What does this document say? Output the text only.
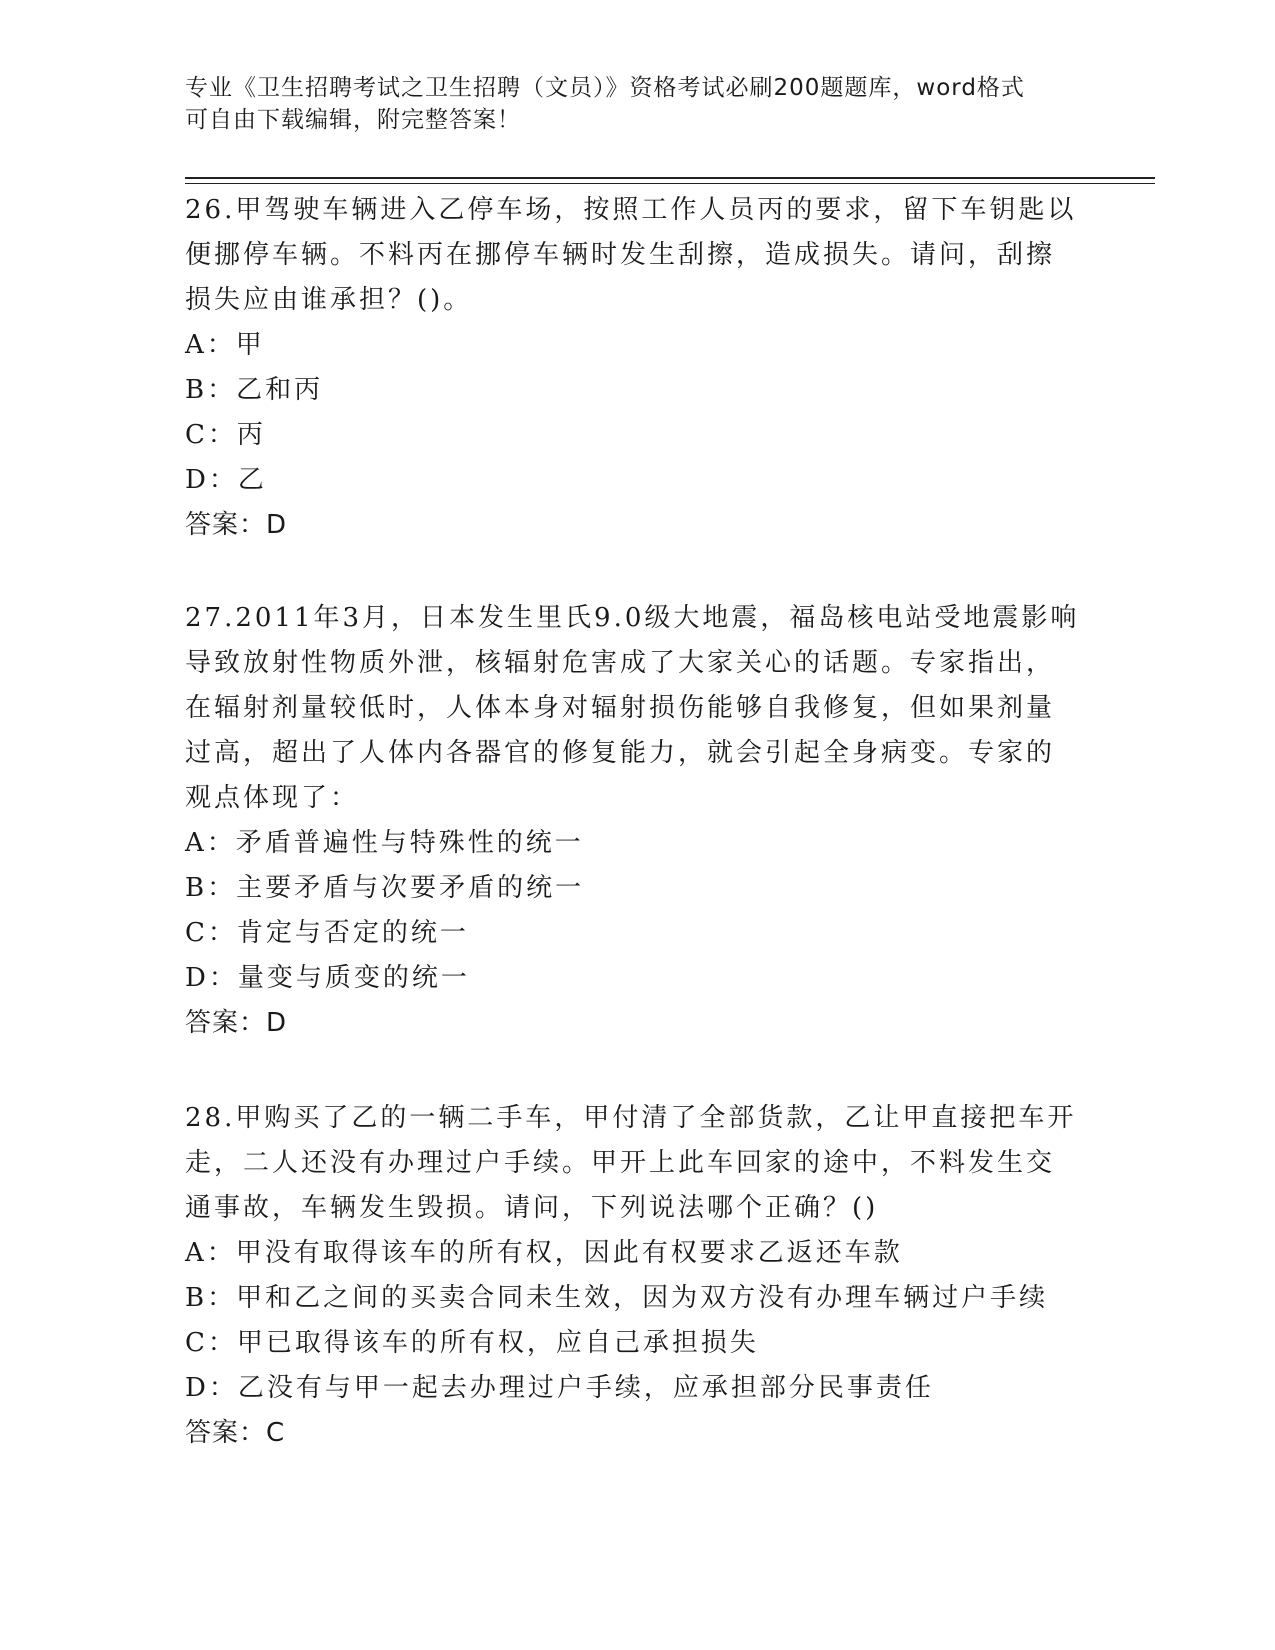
专业《卫生招聘考试之卫生招聘（文员）》资格考试必刷200题题库，word格式
可自由下载编辑，附完整答案！

26.甲驾驶车辆进入乙停车场，按照工作人员丙的要求，留下车钥匙以

便挪停车辆。不料丙在挪停车辆时发生刮擦，造成损失。请问，刮擦

损失应由谁承担？()。

A：甲

B：乙和丙

C：丙

D：乙

答案：D

27.2011年3月，日本发生里氏9.0级大地震，福岛核电站受地震影响

导致放射性物质外泄，核辐射危害成了大家关心的话题。专家指出，

在辐射剂量较低时，人体本身对辐射损伤能够自我修复，但如果剂量

过高，超出了人体内各器官的修复能力，就会引起全身病变。专家的

观点体现了：

A：矛盾普遍性与特殊性的统一

B：主要矛盾与次要矛盾的统一

C：肯定与否定的统一

D：量变与质变的统一

答案：D

28.甲购买了乙的一辆二手车，甲付清了全部货款，乙让甲直接把车开

走，二人还没有办理过户手续。甲开上此车回家的途中，不料发生交

通事故，车辆发生毁损。请问，下列说法哪个正确？()

A：甲没有取得该车的所有权，因此有权要求乙返还车款

B：甲和乙之间的买卖合同未生效，因为双方没有办理车辆过户手续

C：甲已取得该车的所有权，应自己承担损失

D：乙没有与甲一起去办理过户手续，应承担部分民事责任

答案：C
